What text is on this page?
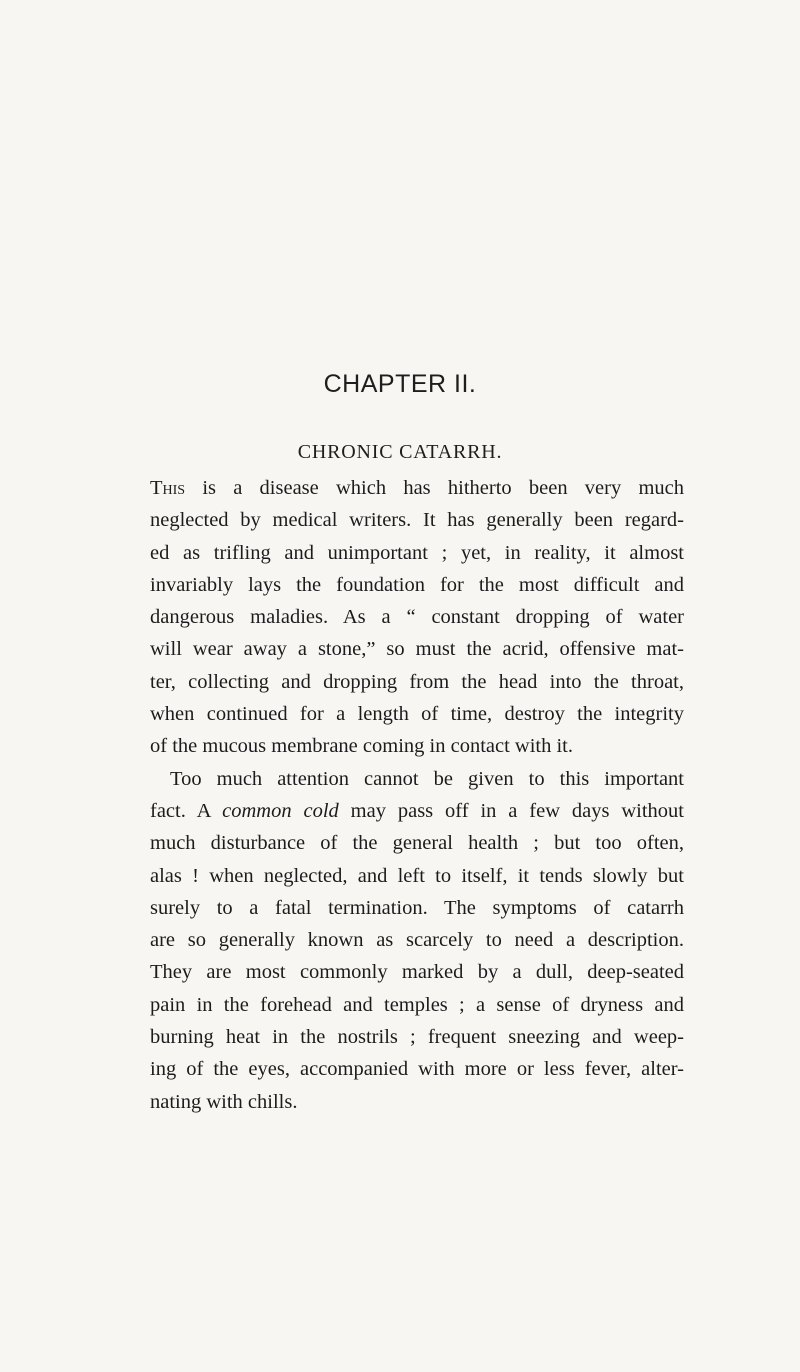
CHAPTER II.
CHRONIC CATARRH.
This is a disease which has hitherto been very much
neglected by medical writers. It has generally been regard-
ed as trifling and unimportant ; yet, in reality, it almost
invariably lays the foundation for the most difficult and
dangerous maladies. As a “ constant dropping of water
will wear away a stone,” so must the acrid, offensive mat-
ter, collecting and dropping from the head into the throat,
when continued for a length of time, destroy the integrity
of the mucous membrane coming in contact with it.
Too much attention cannot be given to this important
fact. A common cold may pass off in a few days without
much disturbance of the general health ; but too often,
alas ! when neglected, and left to itself, it tends slowly but
surely to a fatal termination. The symptoms of catarrh
are so generally known as scarcely to need a description.
They are most commonly marked by a dull, deep-seated
pain in the forehead and temples ; a sense of dryness and
burning heat in the nostrils ; frequent sneezing and weep-
ing of the eyes, accompanied with more or less fever, alter-
nating with chills.
